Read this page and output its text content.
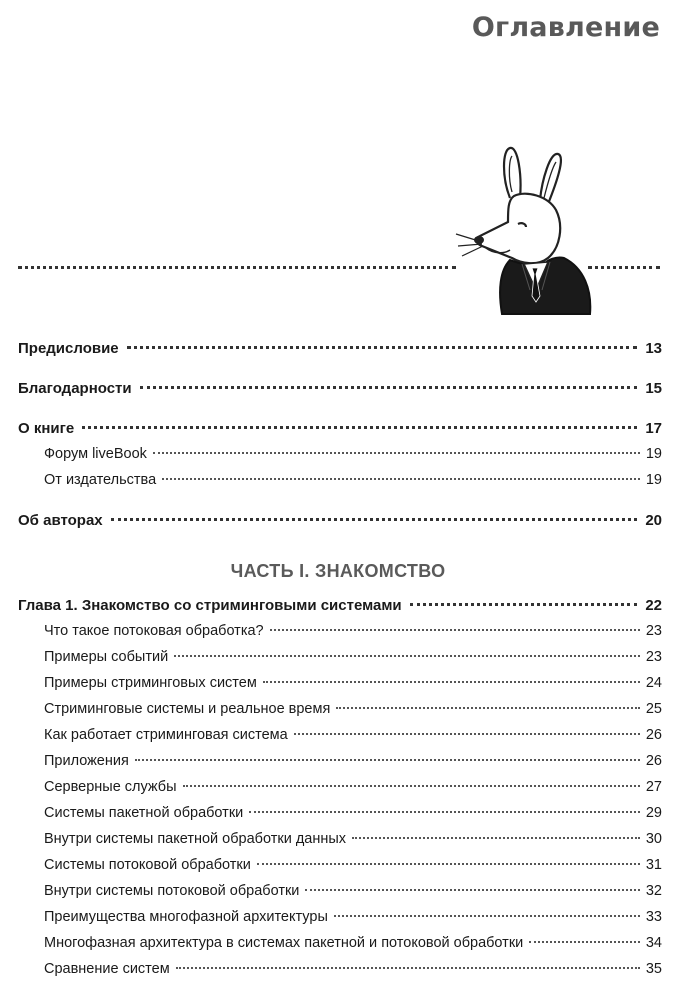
Оглавление
Предисловие	13
Благодарности	15
О книге	17
Форум liveBook	19
От издательства	19
Об авторах	20
Глава 1. Знакомство со стриминговыми системами	22
Что такое потоковая обработка?	23
Примеры событий	23
Примеры стриминговых систем	24
Стриминговые системы и реальное время	25
Как работает стриминговая система	26
Приложения	26
Серверные службы	27
Системы пакетной обработки	29
Внутри системы пакетной обработки данных	30
Системы потоковой обработки	31
Внутри системы потоковой обработки	32
Преимущества многофазной архитектуры	33
Многофазная архитектура в системах пакетной и потоковой обработки	34
Сравнение систем	35
ЧАСТЬ I. ЗНАКОМСТВО
